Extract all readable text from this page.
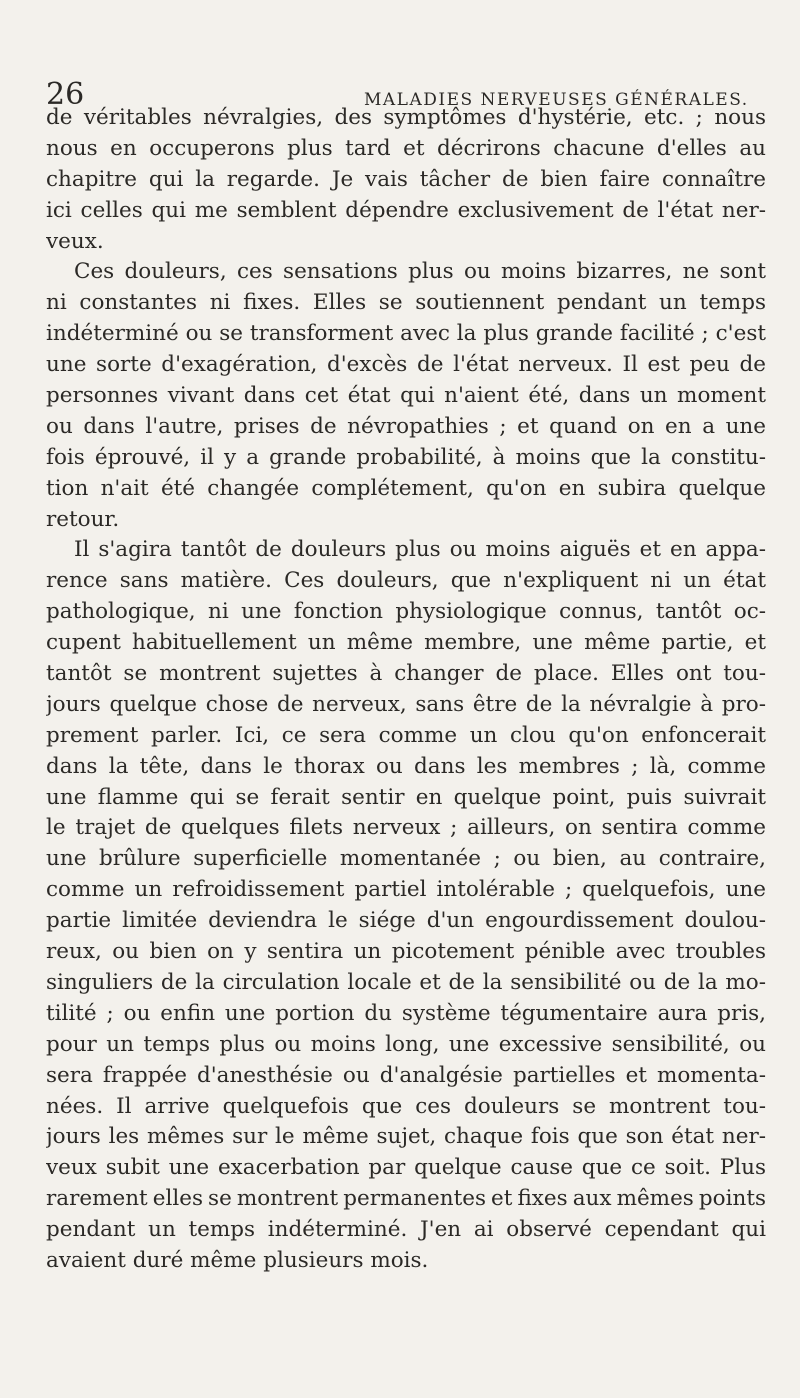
26	MALADIES NERVEUSES GÉNÉRALES.
de véritables névralgies, des symptômes d'hystérie, etc. ; nous
nous en occuperons plus tard et décrirons chacune d'elles au
chapitre qui la regarde. Je vais tâcher de bien faire connaître
ici celles qui me semblent dépendre exclusivement de l'état ner-
veux.
Ces douleurs, ces sensations plus ou moins bizarres, ne sont
ni constantes ni fixes. Elles se soutiennent pendant un temps
indéterminé ou se transforment avec la plus grande facilité ; c'est
une sorte d'exagération, d'excès de l'état nerveux. Il est peu de
personnes vivant dans cet état qui n'aient été, dans un moment
ou dans l'autre, prises de névropathies ; et quand on en a une
fois éprouvé, il y a grande probabilité, à moins que la constitu-
tion n'ait été changée complétement, qu'on en subira quelque
retour.
Il s'agira tantôt de douleurs plus ou moins aiguës et en appa-
rence sans matière. Ces douleurs, que n'expliquent ni un état
pathologique, ni une fonction physiologique connus, tantôt oc-
cupent habituellement un même membre, une même partie, et
tantôt se montrent sujettes à changer de place. Elles ont tou-
jours quelque chose de nerveux, sans être de la névralgie à pro-
prement parler. Ici, ce sera comme un clou qu'on enfoncerait
dans la tête, dans le thorax ou dans les membres ; là, comme
une flamme qui se ferait sentir en quelque point, puis suivrait
le trajet de quelques filets nerveux ; ailleurs, on sentira comme
une brûlure superficielle momentanée ; ou bien, au contraire,
comme un refroidissement partiel intolérable ; quelquefois, une
partie limitée deviendra le siége d'un engourdissement doulou-
reux, ou bien on y sentira un picotement pénible avec troubles
singuliers de la circulation locale et de la sensibilité ou de la mo-
tilité ; ou enfin une portion du système tégumentaire aura pris,
pour un temps plus ou moins long, une excessive sensibilité, ou
sera frappée d'anesthésie ou d'analgésie partielles et momenta-
nées. Il arrive quelquefois que ces douleurs se montrent tou-
jours les mêmes sur le même sujet, chaque fois que son état ner-
veux subit une exacerbation par quelque cause que ce soit. Plus
rarement elles se montrent permanentes et fixes aux mêmes points
pendant un temps indéterminé. J'en ai observé cependant qui
avaient duré même plusieurs mois.
